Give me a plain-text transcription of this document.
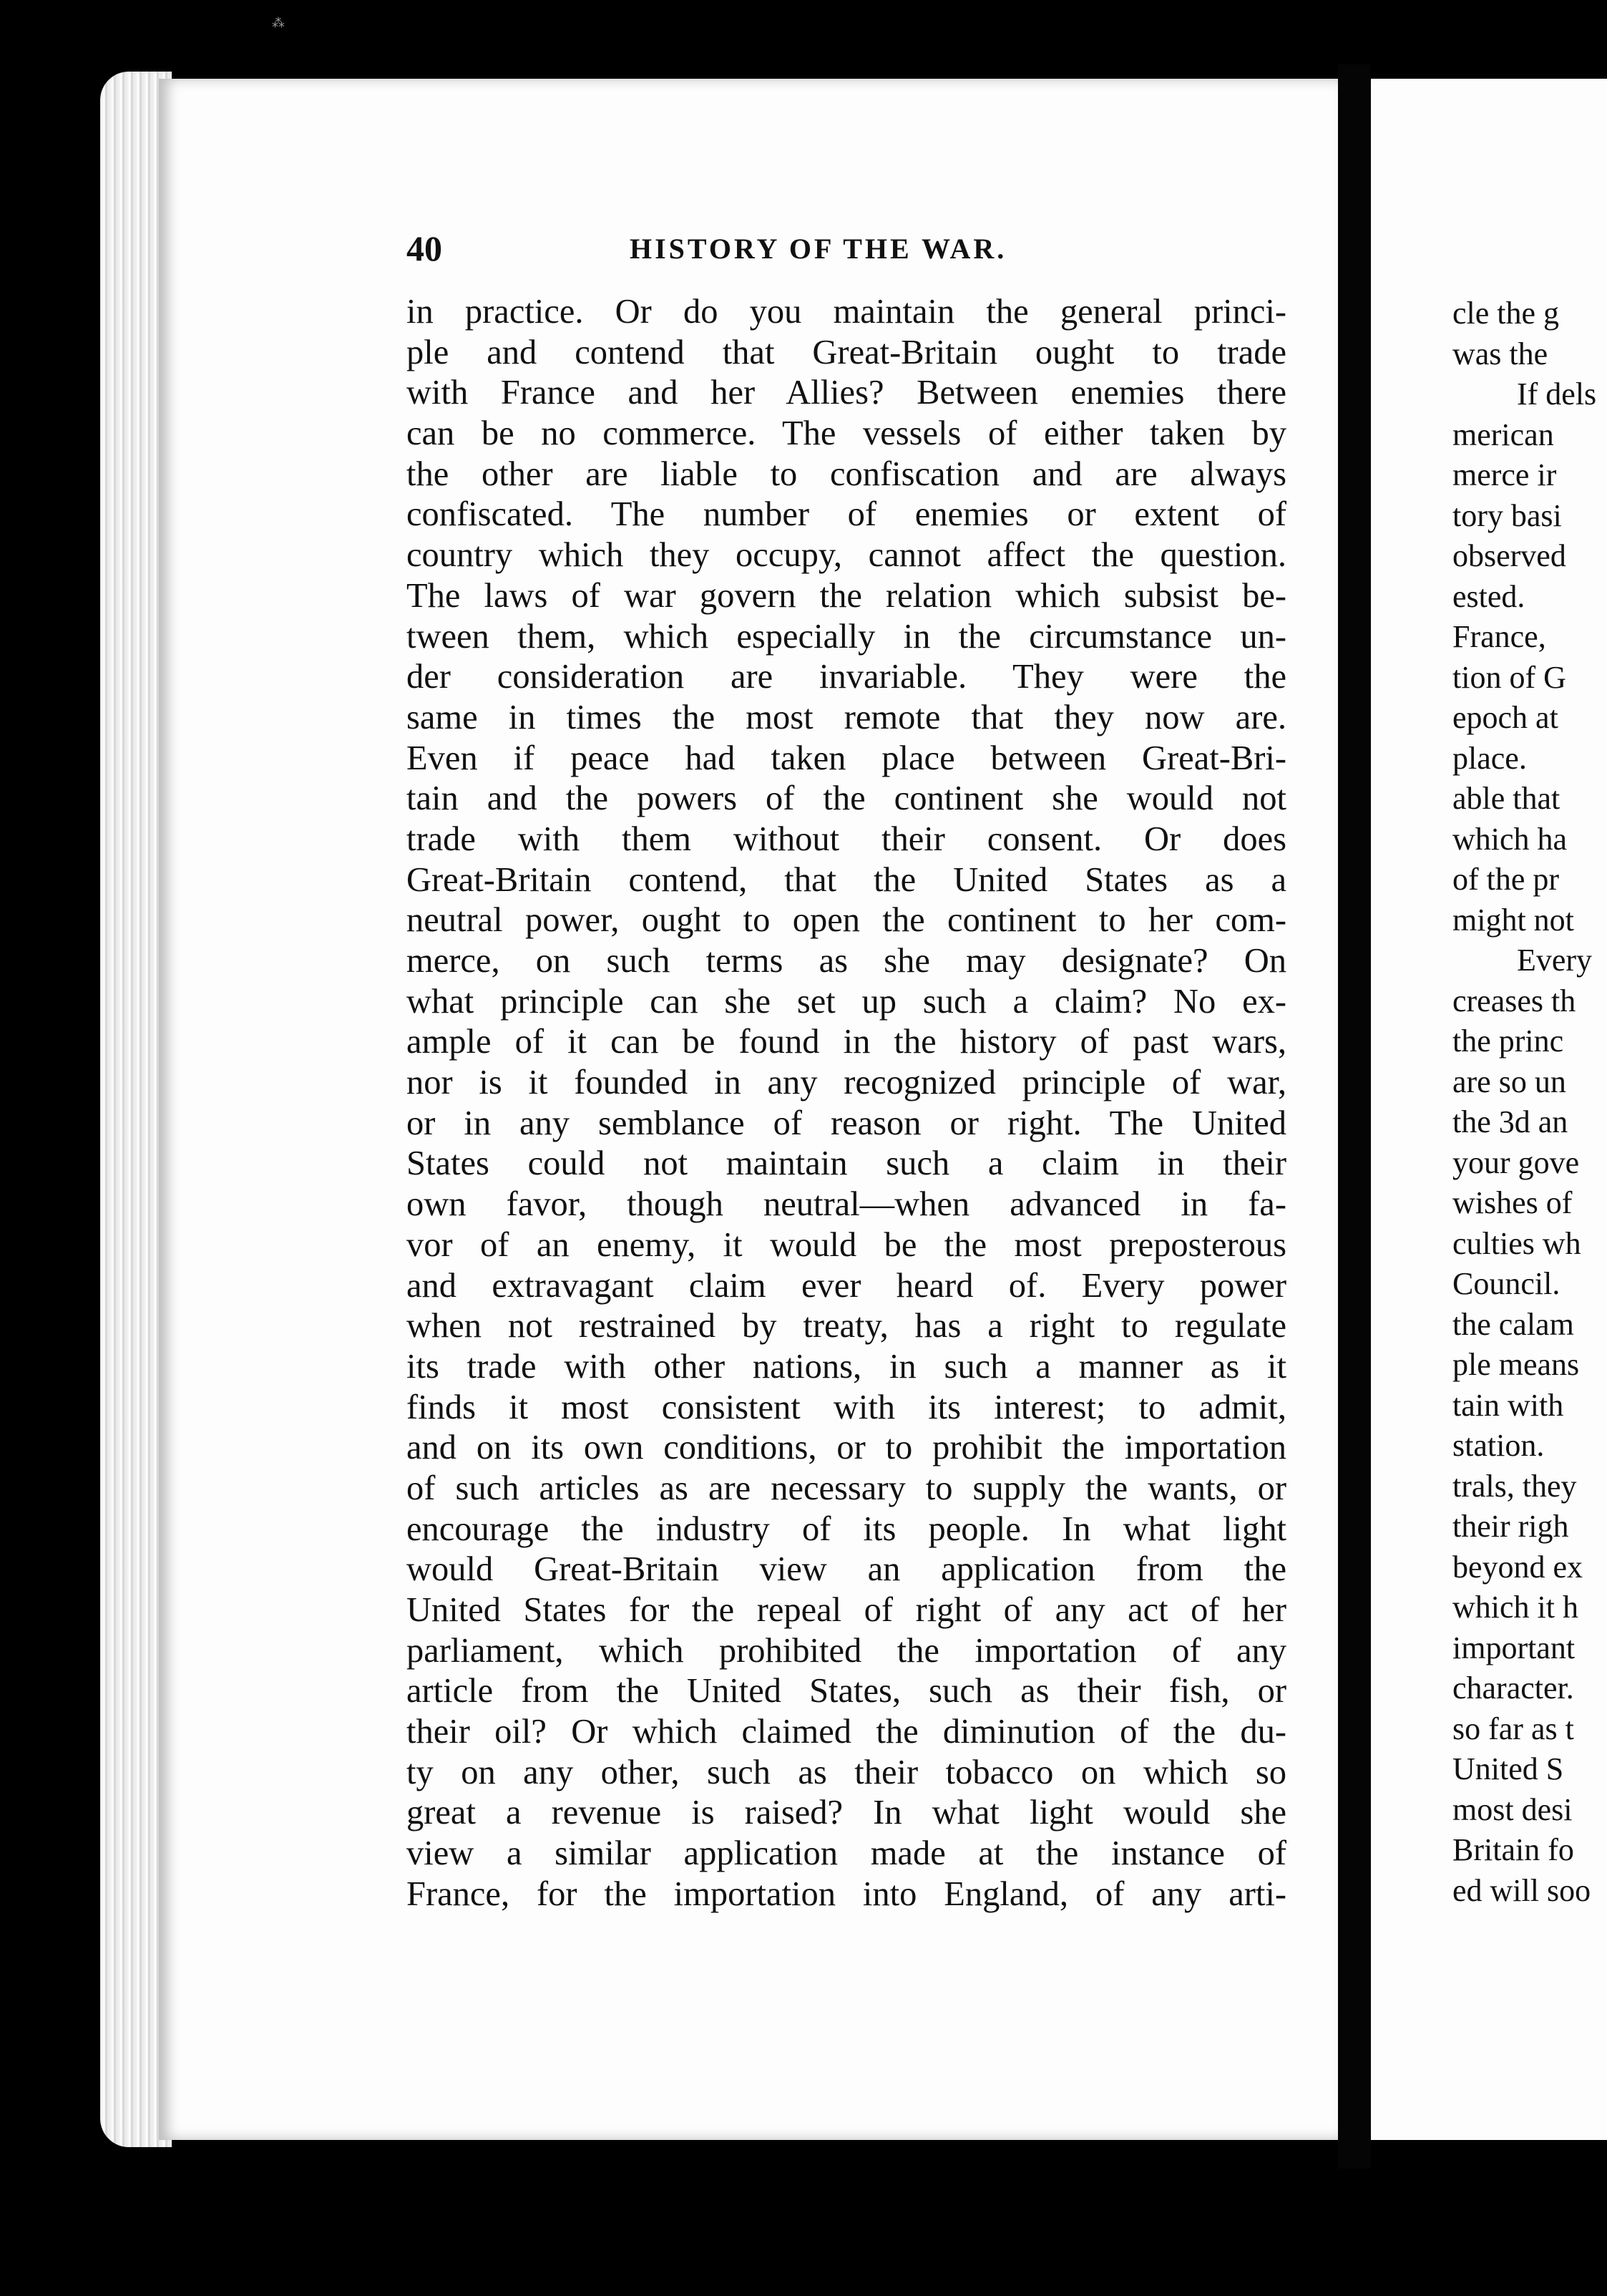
⁂
40	HISTORY OF THE WAR.
in practice. Or do you maintain the general princi-
ple and contend that Great-Britain ought to trade
with France and her Allies? Between enemies there
can be no commerce. The vessels of either taken by
the other are liable to confiscation and are always
confiscated. The number of enemies or extent of
country which they occupy, cannot affect the question.
The laws of war govern the relation which subsist be-
tween them, which especially in the circumstance un-
der consideration are invariable. They were the
same in times the most remote that they now are.
Even if peace had taken place between Great-Bri-
tain and the powers of the continent she would not
trade with them without their consent. Or does
Great-Britain contend, that the United States as a
neutral power, ought to open the continent to her com-
merce, on such terms as she may designate? On
what principle can she set up such a claim? No ex-
ample of it can be found in the history of past wars,
nor is it founded in any recognized principle of war,
or in any semblance of reason or right. The United
States could not maintain such a claim in their
own favor, though neutral—when advanced in fa-
vor of an enemy, it would be the most preposterous
and extravagant claim ever heard of. Every power
when not restrained by treaty, has a right to regulate
its trade with other nations, in such a manner as it
finds it most consistent with its interest; to admit,
and on its own conditions, or to prohibit the importation
of such articles as are necessary to supply the wants, or
encourage the industry of its people. In what light
would Great-Britain view an application from the
United States for the repeal of right of any act of her
parliament, which prohibited the importation of any
article from the United States, such as their fish, or
their oil? Or which claimed the diminution of the du-
ty on any other, such as their tobacco on which so
great a revenue is raised? In what light would she
view a similar application made at the instance of
France, for the importation into England, of any arti-
cle the g
was the
If dels
merican
merce ir
tory basi
observed
ested.
France,
tion of G
epoch at
place.
able that
which ha
of the pr
might not
Every
creases th
the princ
are so un
the 3d an
your gove
wishes of
culties wh
Council.
the calam
ple means
tain with
station.
trals, they
their righ
beyond ex
which it h
important
character.
so far as t
United S
most desi
Britain fo
ed will soo
